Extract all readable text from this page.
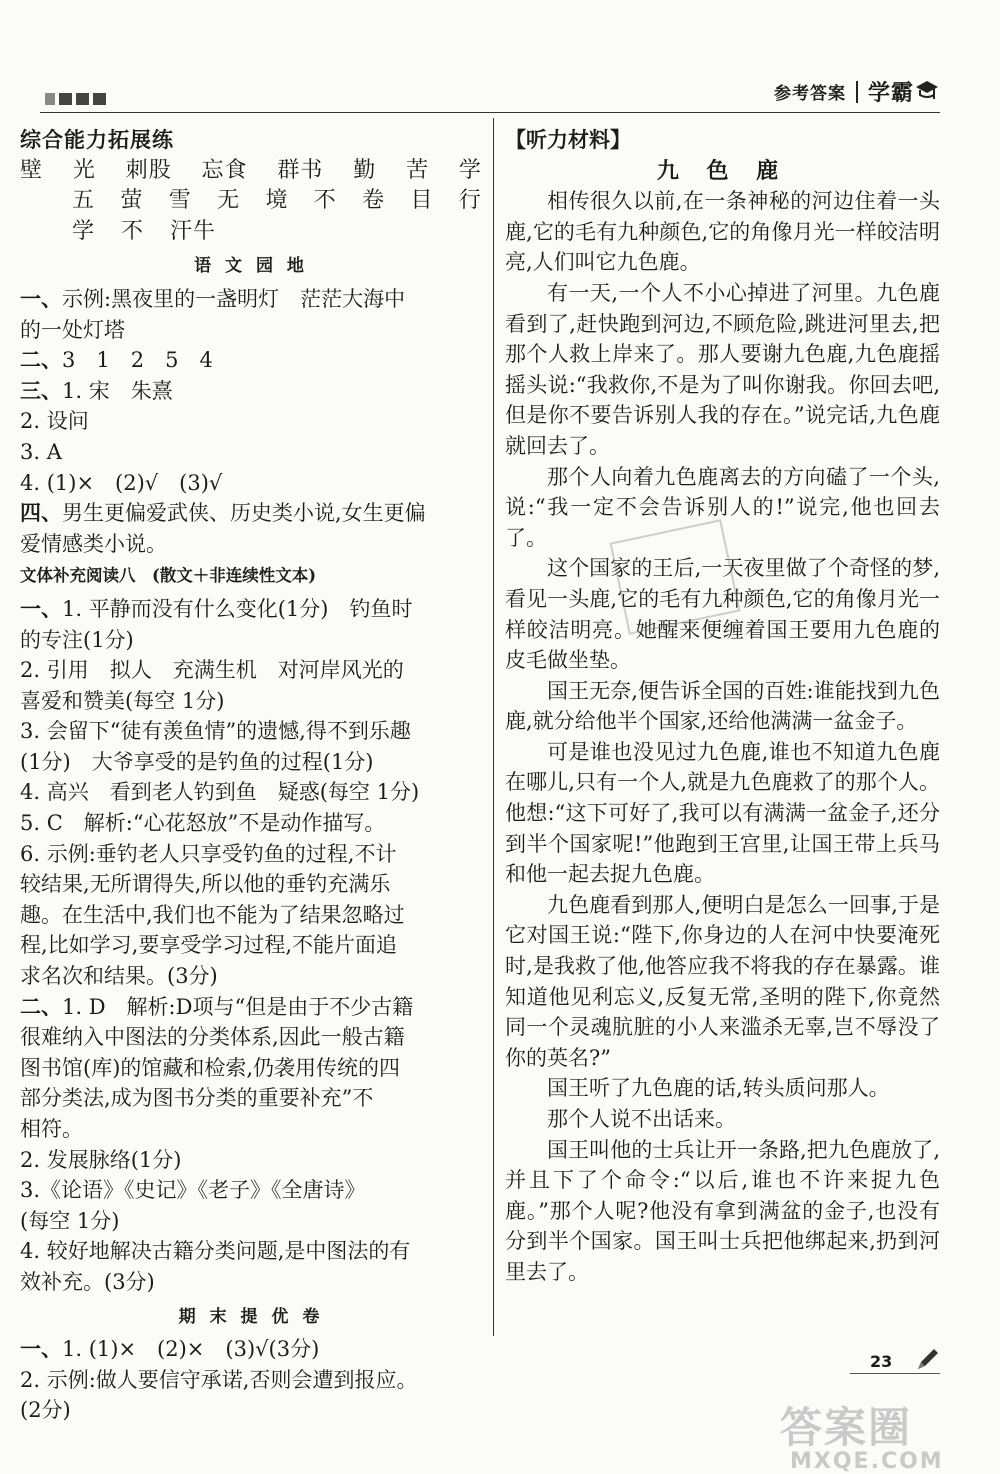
参考答案 学霸
综合能力拓展练
壁 光 刺股 忘食 群书 勤 苦 学
五 萤 雪 无 境 不 卷 目 行
学 不 汗牛
语 文 园 地
一、示例:黑夜里的一盏明灯　茫茫大海中
的一处灯塔
二、3　1　2　5　4
三、1. 宋　朱熹
2. 设问
3. A
4. (1)×　(2)√　(3)√
四、男生更偏爱武侠、历史类小说,女生更偏
爱情感类小说。
文体补充阅读八　(散文＋非连续性文本)
一、1. 平静而没有什么变化(1分)　钓鱼时
的专注(1分)
2. 引用　拟人　充满生机　对河岸风光的
喜爱和赞美(每空 1分)
3. 会留下“徒有羡鱼情”的遗憾,得不到乐趣
(1分)　大爷享受的是钓鱼的过程(1分)
4. 高兴　看到老人钓到鱼　疑惑(每空 1分)
5. C　解析:“心花怒放”不是动作描写。
6. 示例:垂钓老人只享受钓鱼的过程,不计
较结果,无所谓得失,所以他的垂钓充满乐
趣。在生活中,我们也不能为了结果忽略过
程,比如学习,要享受学习过程,不能片面追
求名次和结果。(3分)
二、1. D　解析:D项与“但是由于不少古籍
很难纳入中图法的分类体系,因此一般古籍
图书馆(库)的馆藏和检索,仍袭用传统的四
部分类法,成为图书分类的重要补充”不
相符。
2. 发展脉络(1分)
3.《论语》《史记》《老子》《全唐诗》
(每空 1分)
4. 较好地解决古籍分类问题,是中图法的有
效补充。(3分)
期 末 提 优 卷
一、1. (1)×　(2)×　(3)√(3分)
2. 示例:做人要信守承诺,否则会遭到报应。
(2分)
【听力材料】
九 色 鹿

相传很久以前,在一条神秘的河边住着一头鹿,它的毛有九种颜色,它的角像月光一样皎洁明亮,人们叫它九色鹿。

有一天,一个人不小心掉进了河里。九色鹿看到了,赶快跑到河边,不顾危险,跳进河里去,把那个人救上岸来了。那人要谢九色鹿,九色鹿摇摇头说:“我救你,不是为了叫你谢我。你回去吧,但是你不要告诉别人我的存在。”说完话,九色鹿就回去了。

那个人向着九色鹿离去的方向磕了一个头,说:“我一定不会告诉别人的!”说完,他也回去了。

这个国家的王后,一天夜里做了个奇怪的梦,看见一头鹿,它的毛有九种颜色,它的角像月光一样皎洁明亮。她醒来便缠着国王要用九色鹿的皮毛做坐垫。

国王无奈,便告诉全国的百姓:谁能找到九色鹿,就分给他半个国家,还给他满满一盆金子。

可是谁也没见过九色鹿,谁也不知道九色鹿在哪儿,只有一个人,就是九色鹿救了的那个人。他想:“这下可好了,我可以有满满一盆金子,还分到半个国家呢!”他跑到王宫里,让国王带上兵马和他一起去捉九色鹿。

九色鹿看到那人,便明白是怎么一回事,于是它对国王说:“陛下,你身边的人在河中快要淹死时,是我救了他,他答应我不将我的存在暴露。谁知道他见利忘义,反复无常,圣明的陛下,你竟然同一个灵魂肮脏的小人来滥杀无辜,岂不辱没了你的英名?”

国王听了九色鹿的话,转头质问那人。

那个人说不出话来。

国王叫他的士兵让开一条路,把九色鹿放了,并且下了个命令:“以后,谁也不许来捉九色鹿。”那个人呢?他没有拿到满盆的金子,也没有分到半个国家。国王叫士兵把他绑起来,扔到河里去了。

23
答案圈
MXQE.COM
